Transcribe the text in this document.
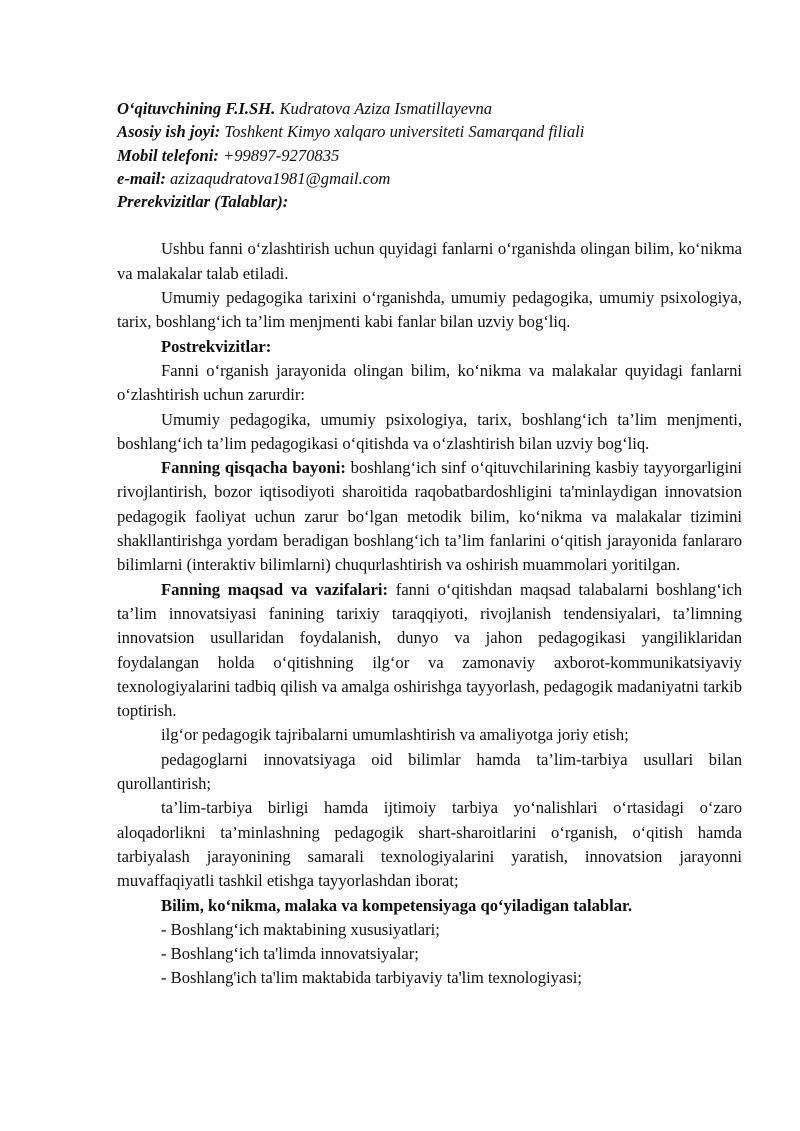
O‘qituvchining F.I.SH. Kudratova Aziza Ismatillayevna
Asosiy ish joyi: Toshkent Kimyo xalqaro universiteti Samarqand filiali
Mobil telefoni: +99897-9270835
e-mail: azizaqudratova1981@gmail.com
Prerekvizitlar (Talablar):

Ushbu fanni o‘zlashtirish uchun quyidagi fanlarni o‘rganishda olingan bilim, ko‘nikma va malakalar talab etiladi.

Umumiy pedagogika tarixini o‘rganishda, umumiy pedagogika, umumiy psixologiya, tarix, boshlang‘ich ta’lim menjmenti kabi fanlar bilan uzviy bog‘liq.

Postrekvizitlar:

Fanni o‘rganish jarayonida olingan bilim, ko‘nikma va malakalar quyidagi fanlarni o‘zlashtirish uchun zarurdir:

Umumiy pedagogika, umumiy psixologiya, tarix, boshlang‘ich ta’lim menjmenti, boshlang‘ich ta’lim pedagogikasi o‘qitishda va o‘zlashtirish bilan uzviy bog‘liq.

Fanning qisqacha bayoni: boshlang‘ich sinf o‘qituvchilarining kasbiy tayyorgarligini rivojlantirish, bozor iqtisodiyoti sharoitida raqobatbardoshligini ta'minlaydigan innovatsion pedagogik faoliyat uchun zarur bo‘lgan metodik bilim, ko‘nikma va malakalar tizimini shakllantirishga yordam beradigan boshlang‘ich ta’lim fanlarini o‘qitish jarayonida fanlararo bilimlarni (interaktiv bilimlarni) chuqurlashtirish va oshirish muammolari yoritilgan.

Fanning maqsad va vazifalari: fanni o‘qitishdan maqsad talabalarni boshlang‘ich ta’lim innovatsiyasi fanining tarixiy taraqqiyoti, rivojlanish tendensiyalari, ta’limning innovatsion usullaridan foydalanish, dunyo va jahon pedagogikasi yangiliklaridan foydalangan holda o‘qitishning ilg‘or va zamonaviy axborot-kommunikatsiyaviy texnologiyalarini tadbiq qilish va amalga oshirishga tayyorlash, pedagogik madaniyatni tarkib toptirish.

ilg‘or pedagogik tajribalarni umumlashtirish va amaliyotga joriy etish;

pedagoglarni innovatsiyaga oid bilimlar hamda ta’lim-tarbiya usullari bilan qurollantirish;

ta’lim-tarbiya birligi hamda ijtimoiy tarbiya yo‘nalishlari o‘rtasidagi o‘zaro aloqadorlikni ta’minlashning pedagogik shart-sharoitlarini o‘rganish, o‘qitish hamda tarbiyalash jarayonining samarali texnologiyalarini yaratish, innovatsion jarayonni muvaffaqiyatli tashkil etishga tayyorlashdan iborat;

Bilim, ko‘nikma, malaka va kompetensiyaga qo‘yiladigan talablar.

- Boshlang‘ich maktabining xususiyatlari;

- Boshlang‘ich ta'limda innovatsiyalar;

- Boshlang'ich ta'lim maktabida tarbiyaviy ta'lim texnologiyasi;
